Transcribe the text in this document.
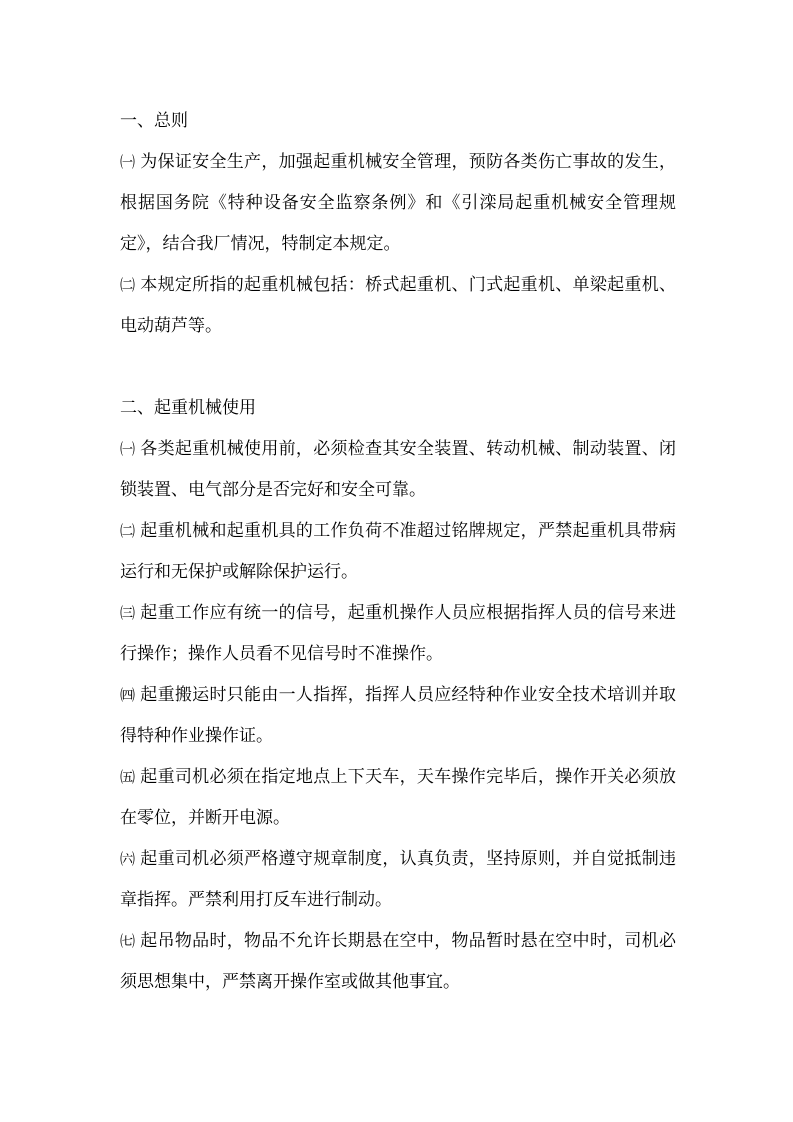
一、总则

㈠ 为保证安全生产，加强起重机械安全管理，预防各类伤亡事故的发生，根据国务院《特种设备安全监察条例》和《引滦局起重机械安全管理规定》，结合我厂情况，特制定本规定。

㈡ 本规定所指的起重机械包括：桥式起重机、门式起重机、单梁起重机、电动葫芦等。

二、起重机械使用

㈠ 各类起重机械使用前，必须检查其安全装置、转动机械、制动装置、闭锁装置、电气部分是否完好和安全可靠。

㈡ 起重机械和起重机具的工作负荷不准超过铭牌规定，严禁起重机具带病运行和无保护或解除保护运行。

㈢ 起重工作应有统一的信号，起重机操作人员应根据指挥人员的信号来进行操作；操作人员看不见信号时不准操作。

㈣ 起重搬运时只能由一人指挥，指挥人员应经特种作业安全技术培训并取得特种作业操作证。

㈤ 起重司机必须在指定地点上下天车，天车操作完毕后，操作开关必须放在零位，并断开电源。

㈥ 起重司机必须严格遵守规章制度，认真负责，坚持原则，并自觉抵制违章指挥。严禁利用打反车进行制动。

㈦ 起吊物品时，物品不允许长期悬在空中，物品暂时悬在空中时，司机必须思想集中，严禁离开操作室或做其他事宜。
